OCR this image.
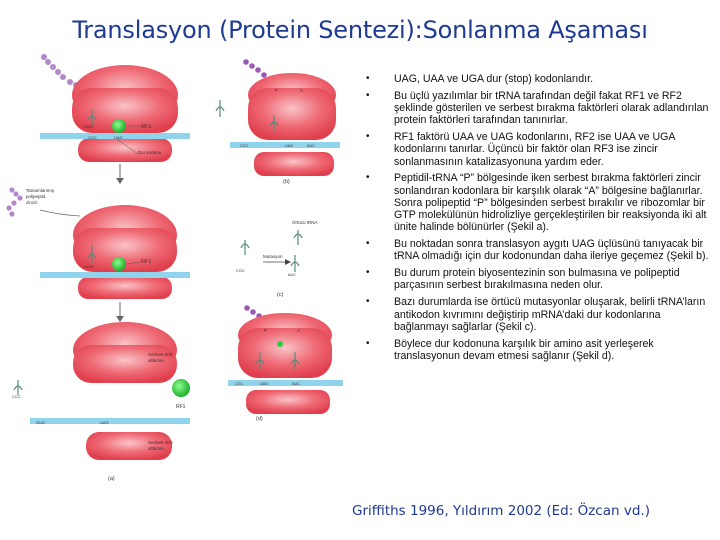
Translasyon (Protein Sentezi):Sonlanma Aşaması
CCC	UAG
GGG	RF1
Dur kodonu
Tamamlanmış
polipeptid
zinciri
GGG
RF1
Serbest 50S
altbirimi
CCC
RF1
GUG	UAG
Serbest 30S
altbirimi
(a)
P	A
CCC	UAG	AUC
(b)
Örtücü tRNA
Mutasyon
CGC
AUC
(c)
P	A
CGC	UAG	AUC
(d)
• UAG, UAA ve UGA dur (stop) kodonlarıdır.
• Bu üçlü yazılımlar bir tRNA tarafından değil fakat RF1 ve RF2 şeklinde gösterilen ve serbest bırakma faktörleri olarak adlandırılan protein faktörleri tarafından tanınırlar.
• RF1 faktörü UAA ve UAG kodonlarını, RF2 ise UAA ve UGA kodonlarını tanırlar. Üçüncü bir faktör olan RF3 ise zincir sonlanmasının katalizasyonuna yardım eder.
• Peptidil-tRNA “P” bölgesinde iken serbest bırakma faktörleri zincir sonlandıran kodonlara bir karşılık olarak “A” bölgesine bağlanırlar. Sonra polipeptid “P” bölgesinden serbest bırakılır ve ribozomlar bir GTP molekülünün hidrolizliye gerçekleştirilen bir reaksiyonda iki alt ünite halinde bölünürler (Şekil a).
• Bu noktadan sonra translasyon aygıtı UAG üçlüsünü tanıyacak bir tRNA olmadığı için dur kodonundan daha ileriye geçemez (Şekil b).
• Bu durum protein biyosentezinin son bulmasına ve polipeptid parçasının serbest bırakılmasına neden olur.
• Bazı durumlarda ise örtücü mutasyonlar oluşarak, belirli tRNA’ların antikodon kıvrımını değiştirip mRNA’daki dur kodonlarına bağlanmayı sağlarlar (Şekil c).
• Böylece dur kodonuna karşılık bir amino asit yerleşerek translasyonun devam etmesi sağlanır (Şekil d).
Griffiths 1996, Yıldırım 2002 (Ed: Özcan vd.)
